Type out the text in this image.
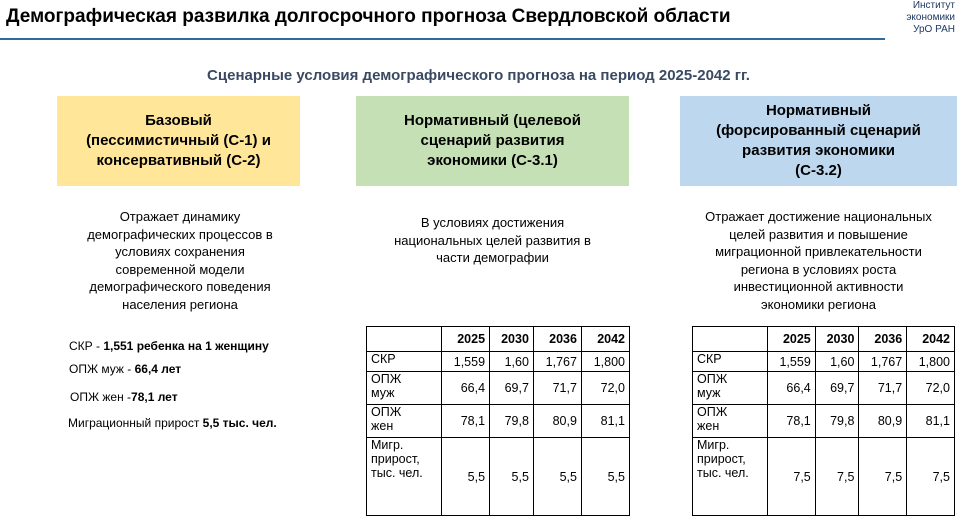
Демографическая развилка долгосрочного прогноза Свердловской области
Институт
экономики
УрО РАН
Сценарные условия демографического прогноза на период 2025-2042 гг.
Базовый
(пессимистичный (С-1) и
консервативный (С-2)
Нормативный (целевой
сценарий развития
экономики (С-3.1)
Нормативный
(форсированный сценарий
развития экономики
(С-3.2)
Отражает динамику
демографических процессов в
условиях сохранения
современной модели
демографического поведения
населения региона
В условиях достижения
национальных целей развития в
части демографии
Отражает достижение национальных
целей развития и повышение
миграционной привлекательности
региона в условиях роста
инвестиционной активности
экономики региона
СКР - 1,551 ребенка на 1 женщину
ОПЖ муж - 66,4 лет
ОПЖ жен -78,1 лет
Миграционный прирост 5,5 тыс. чел.
	2025	2030	2036	2042

СКР	1,559	1,60	1,767	1,800

ОПЖ
муж	66,4	69,7	71,7	72,0

ОПЖ
жен	78,1	79,8	80,9	81,1

Мигр.
прирост,
тыс. чел.	5,5	5,5	5,5	5,5
	2025	2030	2036	2042

СКР	1,559	1,60	1,767	1,800

ОПЖ
муж	66,4	69,7	71,7	72,0

ОПЖ
жен	78,1	79,8	80,9	81,1

Мигр.
прирост,
тыс. чел.	7,5	7,5	7,5	7,5
